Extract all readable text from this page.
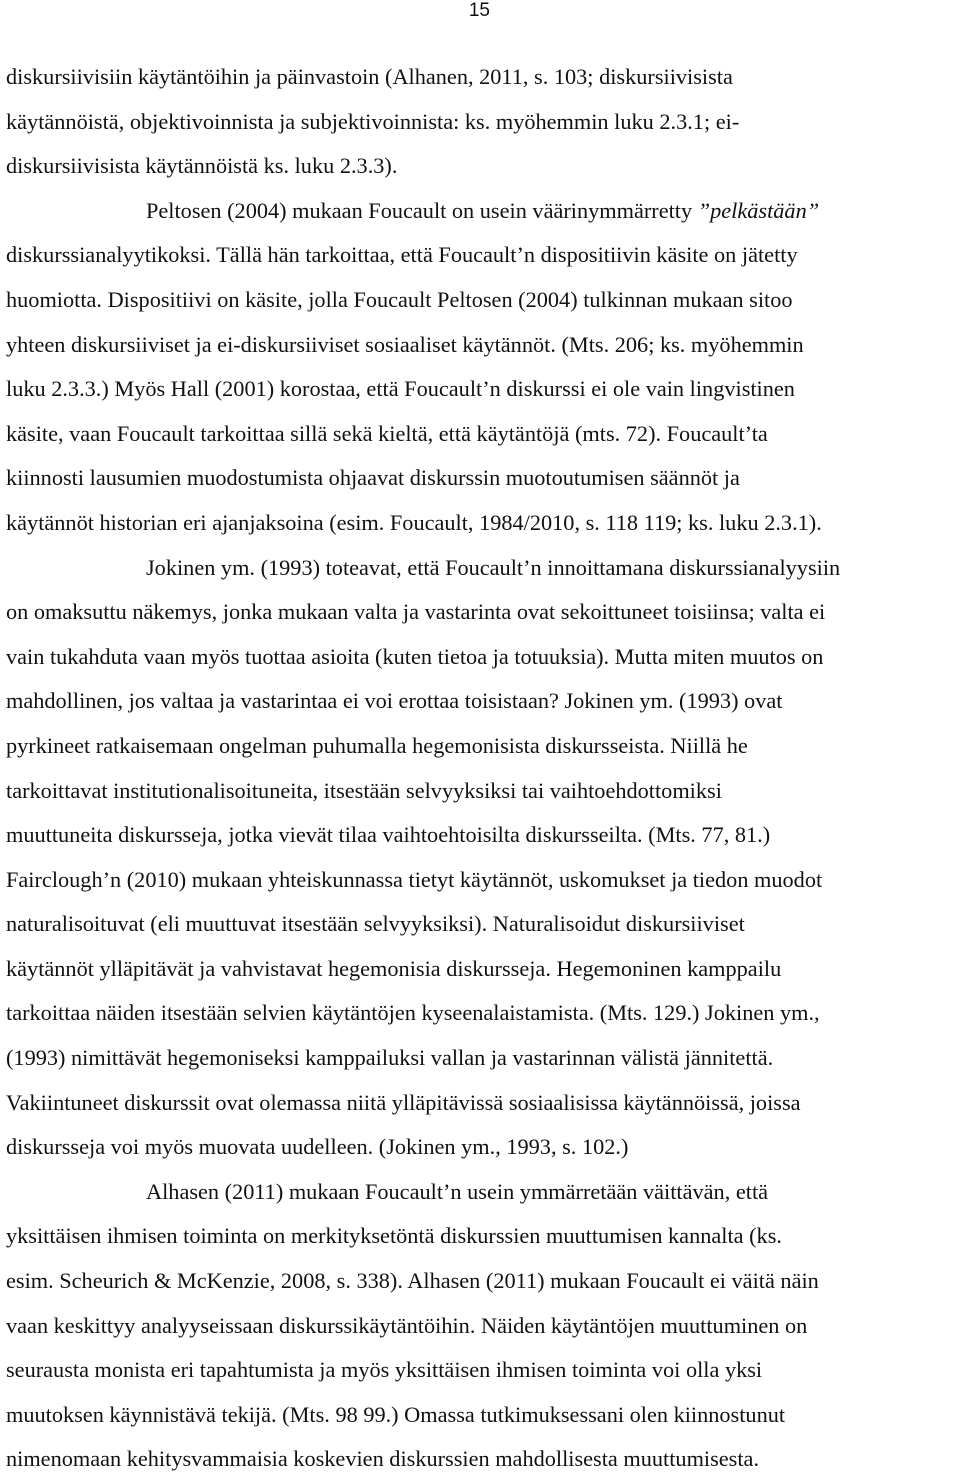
15
diskursiivisiin käytäntöihin ja päinvastoin (Alhanen, 2011, s. 103; diskursiivisista
käytännöistä, objektivoinnista ja subjektivoinnista: ks. myöhemmin luku 2.3.1; ei-
diskursiivisista käytännöistä ks. luku 2.3.3).
Peltosen (2004) mukaan Foucault on usein väärinymmärretty ”pelkästään”
diskurssianalyytikoksi. Tällä hän tarkoittaa, että Foucault’n dispositiivin käsite on jätetty
huomiotta. Dispositiivi on käsite, jolla Foucault Peltosen (2004) tulkinnan mukaan sitoo
yhteen diskursiiviset ja ei-diskursiiviset sosiaaliset käytännöt. (Mts. 206; ks. myöhemmin
luku 2.3.3.) Myös Hall (2001) korostaa, että Foucault’n diskurssi ei ole vain lingvistinen
käsite, vaan Foucault tarkoittaa sillä sekä kieltä, että käytäntöjä (mts. 72). Foucault’ta
kiinnosti lausumien muodostumista ohjaavat diskurssin muotoutumisen säännöt ja
käytännöt historian eri ajanjaksoina (esim. Foucault, 1984/2010, s. 118 119; ks. luku 2.3.1).
Jokinen ym. (1993) toteavat, että Foucault’n innoittamana diskurssianalyysiin
on omaksuttu näkemys, jonka mukaan valta ja vastarinta ovat sekoittuneet toisiinsa; valta ei
vain tukahduta vaan myös tuottaa asioita (kuten tietoa ja totuuksia). Mutta miten muutos on
mahdollinen, jos valtaa ja vastarintaa ei voi erottaa toisistaan? Jokinen ym. (1993) ovat
pyrkineet ratkaisemaan ongelman puhumalla hegemonisista diskursseista. Niillä he
tarkoittavat institutionalisoituneita, itsestään selvyyksiksi tai vaihtoehdottomiksi
muuttuneita diskursseja, jotka vievät tilaa vaihtoehtoisilta diskursseilta. (Mts. 77, 81.)
Fairclough’n (2010) mukaan yhteiskunnassa tietyt käytännöt, uskomukset ja tiedon muodot
naturalisoituvat (eli muuttuvat itsestään selvyyksiksi). Naturalisoidut diskursiiviset
käytännöt ylläpitävät ja vahvistavat hegemonisia diskursseja. Hegemoninen kamppailu
tarkoittaa näiden itsestään selvien käytäntöjen kyseenalaistamista. (Mts. 129.) Jokinen ym.,
(1993) nimittävät hegemoniseksi kamppailuksi vallan ja vastarinnan välistä jännitettä.
Vakiintuneet diskurssit ovat olemassa niitä ylläpitävissä sosiaalisissa käytännöissä, joissa
diskursseja voi myös muovata uudelleen. (Jokinen ym., 1993, s. 102.)
Alhasen (2011) mukaan Foucault’n usein ymmärretään väittävän, että
yksittäisen ihmisen toiminta on merkityksetöntä diskurssien muuttumisen kannalta (ks.
esim. Scheurich & McKenzie, 2008, s. 338). Alhasen (2011) mukaan Foucault ei väitä näin
vaan keskittyy analyyseissaan diskurssikäytäntöihin. Näiden käytäntöjen muuttuminen on
seurausta monista eri tapahtumista ja myös yksittäisen ihmisen toiminta voi olla yksi
muutoksen käynnistävä tekijä. (Mts. 98 99.) Omassa tutkimuksessani olen kiinnostunut
nimenomaan kehitysvammaisia koskevien diskurssien mahdollisesta muuttumisesta.
